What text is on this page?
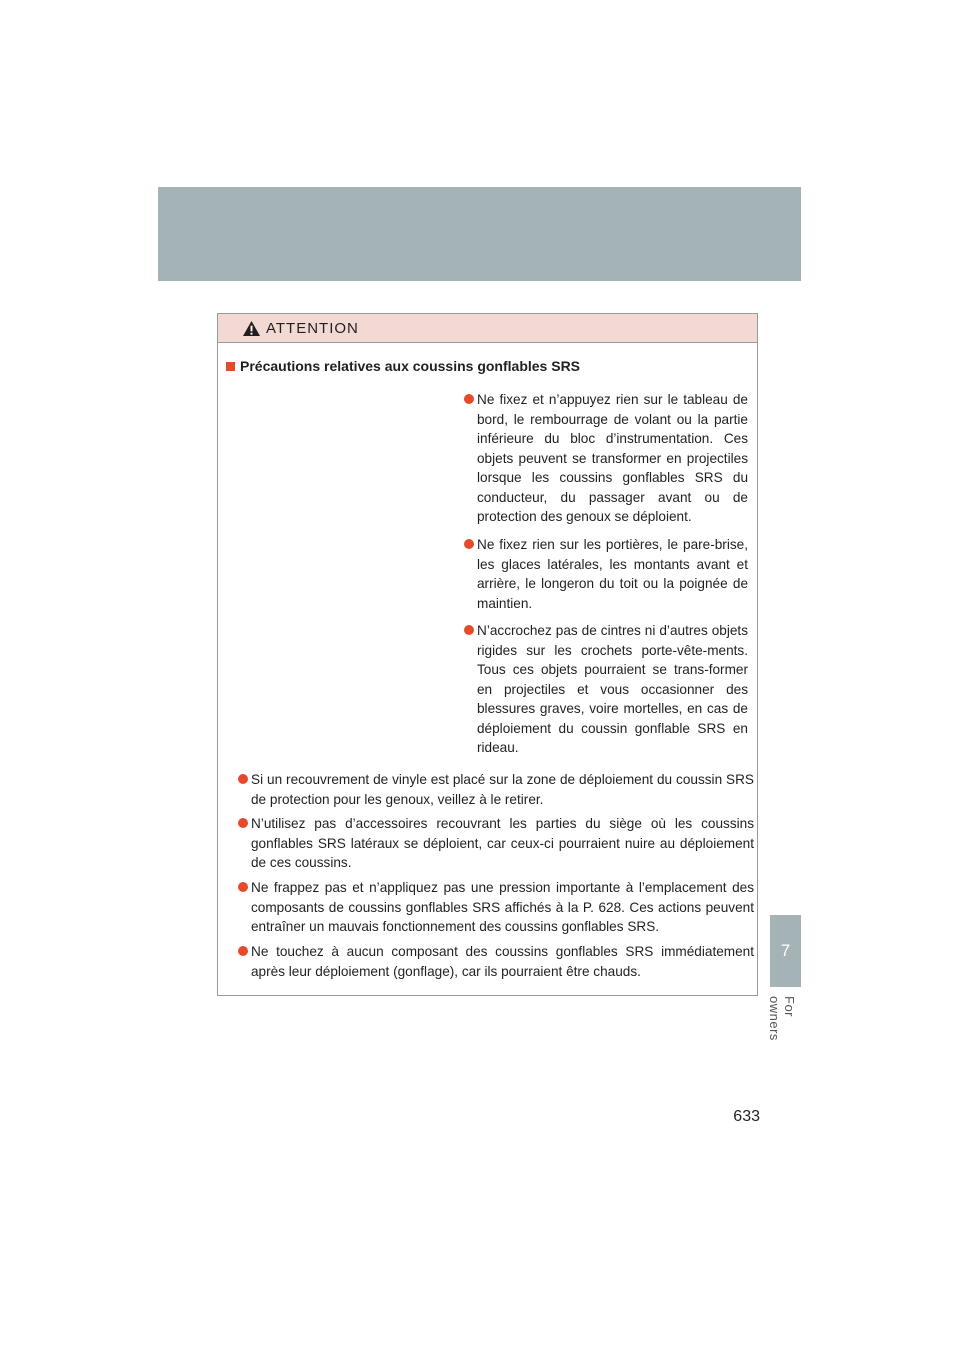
ATTENTION
Précautions relatives aux coussins gonflables SRS
Ne fixez et n’appuyez rien sur le tableau de bord, le rembourrage de volant ou la partie inférieure du bloc d’instrumentation. Ces objets peuvent se transformer en projectiles lorsque les coussins gonflables SRS du conducteur, du passager avant ou de protection des genoux se déploient.
Ne fixez rien sur les portières, le pare-brise, les glaces latérales, les montants avant et arrière, le longeron du toit ou la poignée de maintien.
N’accrochez pas de cintres ni d’autres objets rigides sur les crochets porte-vête-ments. Tous ces objets pourraient se trans-former en projectiles et vous occasionner des blessures graves, voire mortelles, en cas de déploiement du coussin gonflable SRS en rideau.
Si un recouvrement de vinyle est placé sur la zone de déploiement du coussin SRS de protection pour les genoux, veillez à le retirer.
N’utilisez pas d’accessoires recouvrant les parties du siège où les coussins gonflables SRS latéraux se déploient, car ceux-ci pourraient nuire au déploiement de ces coussins.
Ne frappez pas et n’appliquez pas une pression importante à l’emplacement des composants de coussins gonflables SRS affichés à la P. 628. Ces actions peuvent entraîner un mauvais fonctionnement des coussins gonflables SRS.
Ne touchez à aucun composant des coussins gonflables SRS immédiatement après leur déploiement (gonflage), car ils pourraient être chauds.
7
For owners
633
